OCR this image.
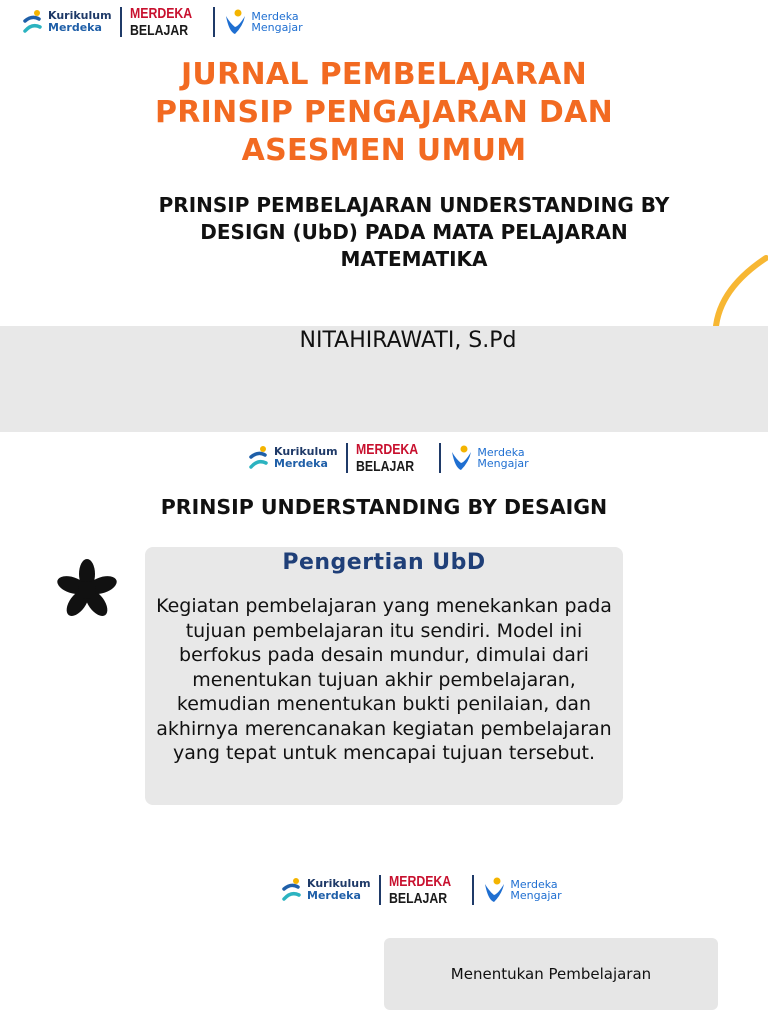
Kurikulum
Merdeka
MERDEKA
BELAJAR
Merdeka
Mengajar
JURNAL PEMBELAJARAN
PRINSIP PENGAJARAN DAN
ASESMEN UMUM
PRINSIP PEMBELAJARAN UNDERSTANDING BY
DESIGN (UbD) PADA MATA PELAJARAN
MATEMATIKA

NITAHIRAWATI, S.Pd

Kurikulum
Merdeka
MERDEKA
BELAJAR
Merdeka
Mengajar
PRINSIP UNDERSTANDING BY DESAIGN
Pengertian UbD

Kegiatan pembelajaran yang menekankan pada tujuan pembelajaran itu sendiri. Model ini berfokus pada desain mundur, dimulai dari menentukan tujuan akhir pembelajaran, kemudian menentukan bukti penilaian, dan akhirnya merencanakan kegiatan pembelajaran yang tepat untuk mencapai tujuan tersebut.

Kurikulum
Merdeka
MERDEKA
BELAJAR
Merdeka
Mengajar
Menentukan Pembelajaran
